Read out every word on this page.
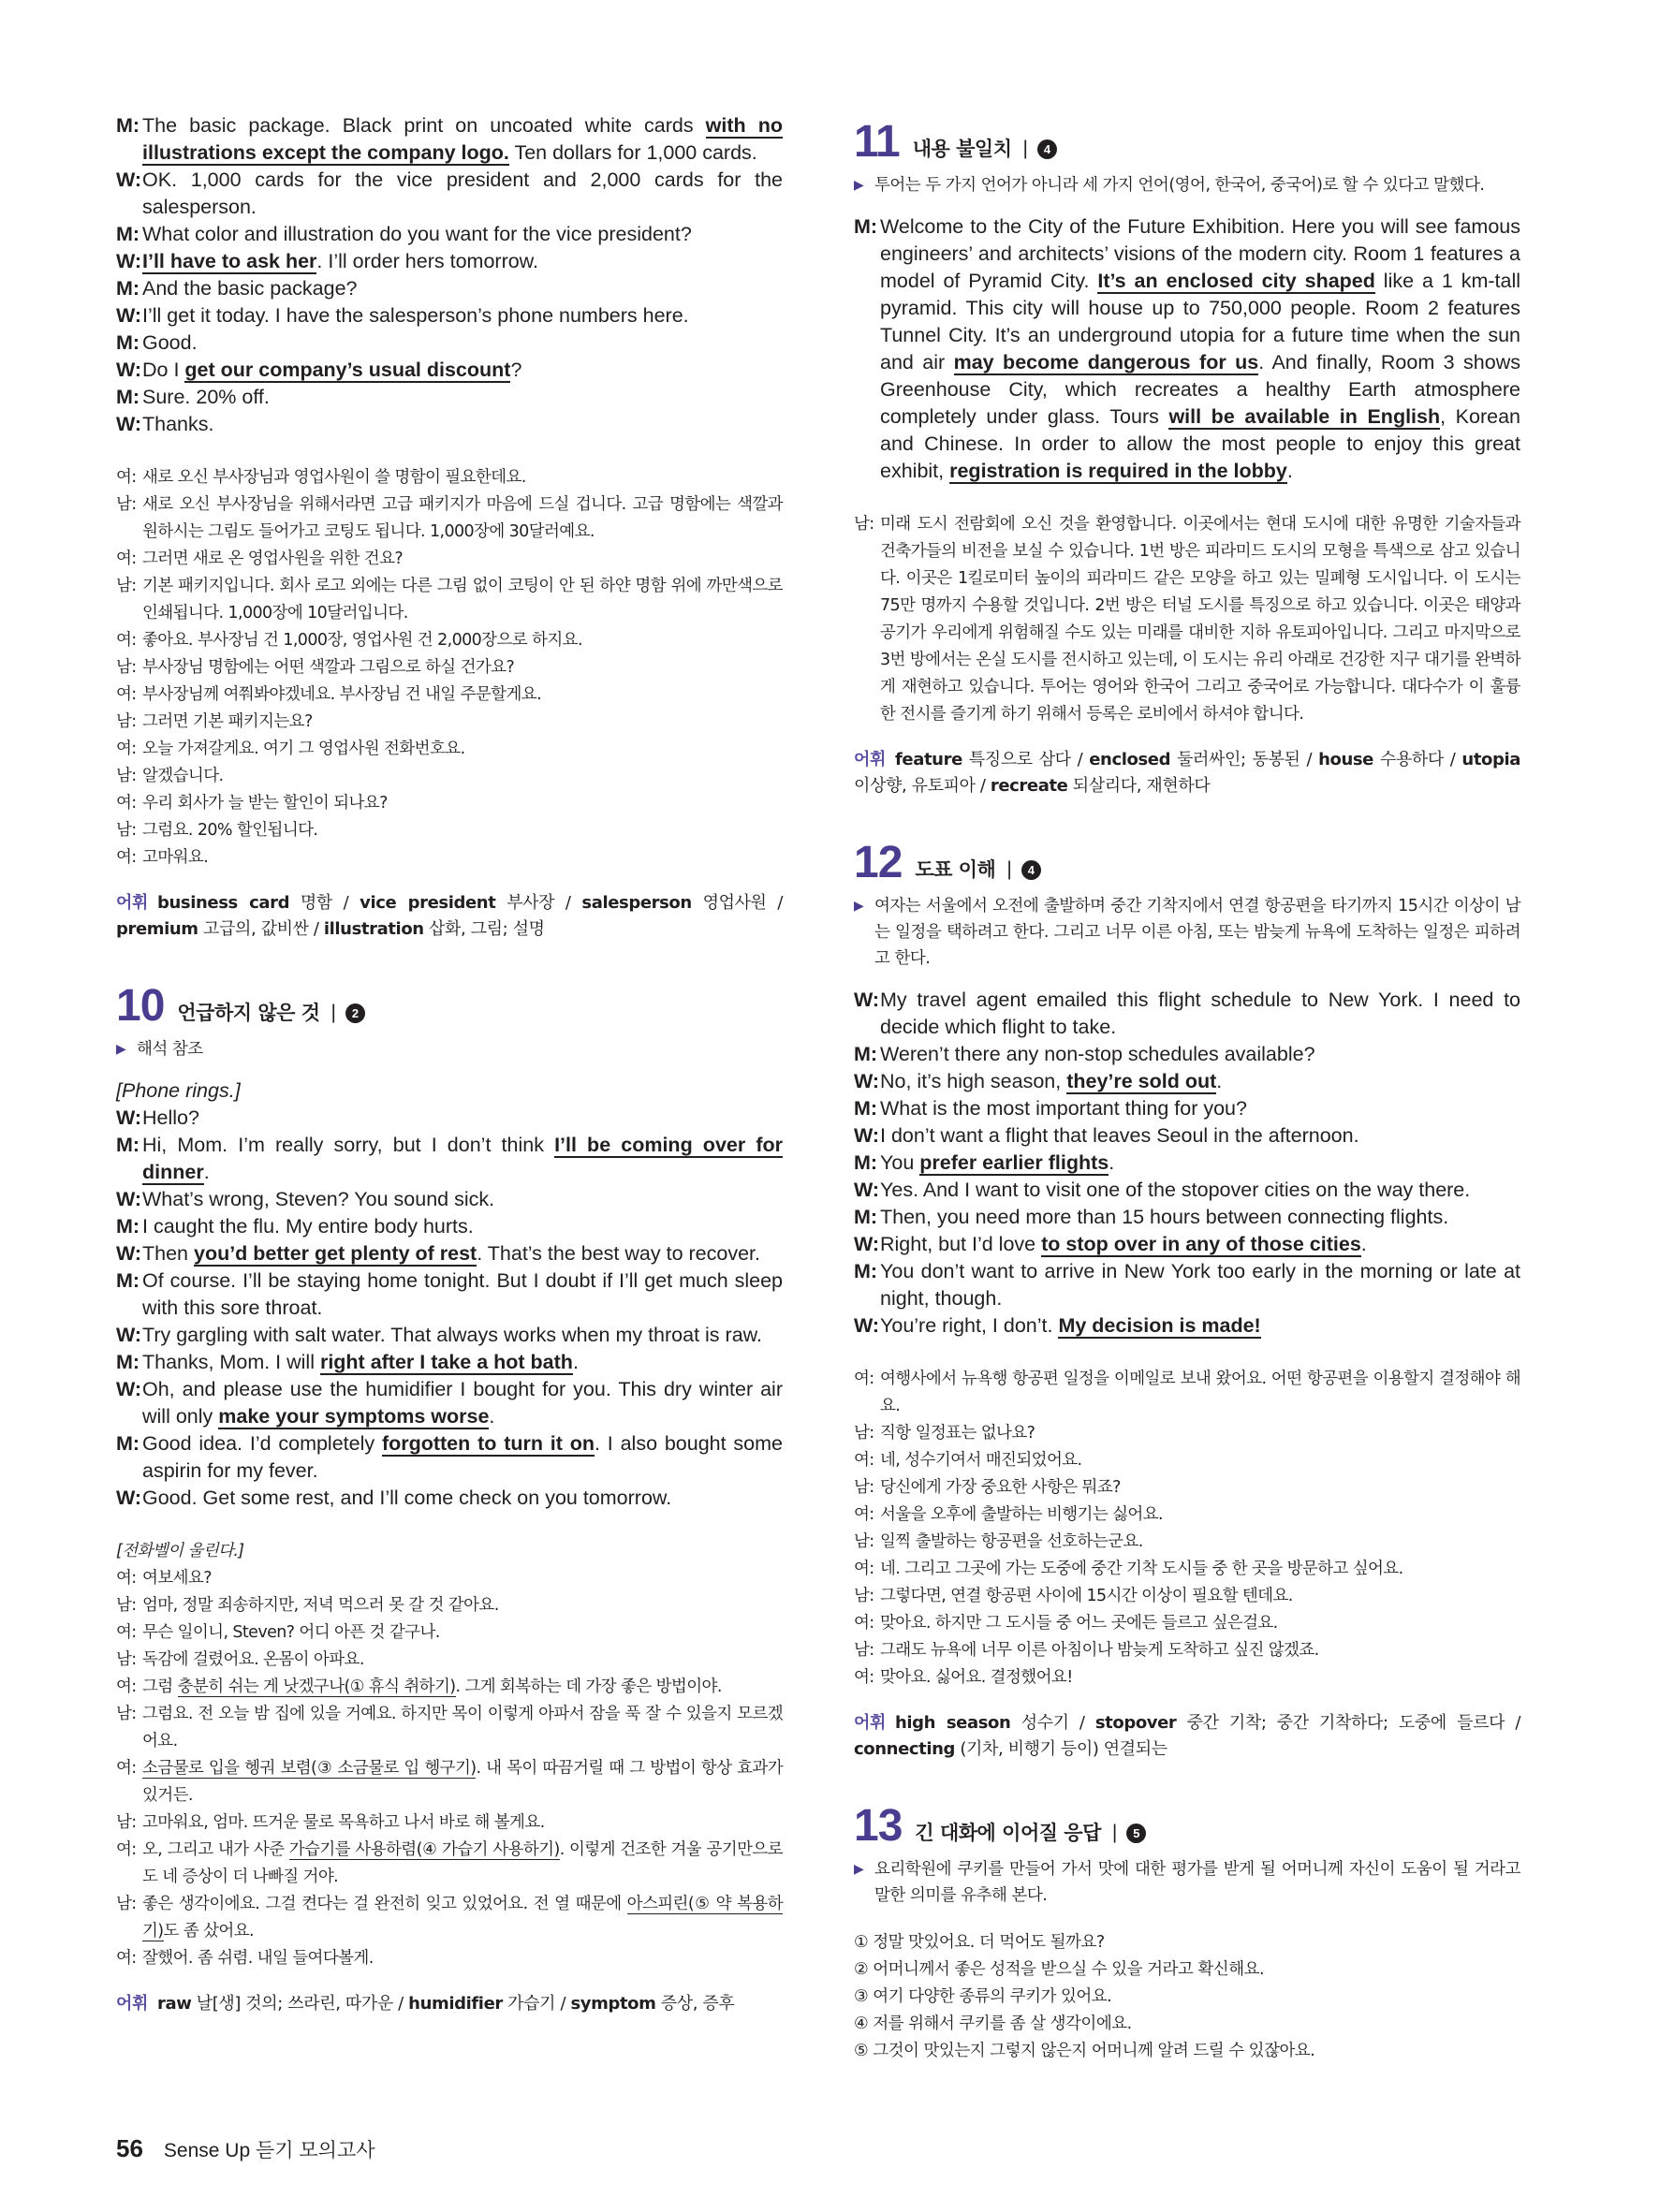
M: The basic package. Black print on uncoated white cards with no illustrations except the company logo. Ten dollars for 1,000 cards.
W: OK. 1,000 cards for the vice president and 2,000 cards for the salesperson.
M: What color and illustration do you want for the vice president?
W: I’ll have to ask her. I’ll order hers tomorrow.
M: And the basic package?
W: I’ll get it today. I have the salesperson’s phone numbers here.
M: Good.
W: Do I get our company’s usual discount?
M: Sure. 20% off.
W: Thanks.
여: 새로 오신 부사장님과 영업사원이 쓸 명함이 필요한데요.
남: 새로 오신 부사장님을 위해서라면 고급 패키지가 마음에 드실 겁니다. 고급 명함에는 색깔과 원하시는 그림도 들어가고 코팅도 됩니다. 1,000장에 30달러예요.
여: 그러면 새로 온 영업사원을 위한 건요?
남: 기본 패키지입니다. 회사 로고 외에는 다른 그림 없이 코팅이 안 된 하얀 명함 위에 까만색으로 인쇄됩니다. 1,000장에 10달러입니다.
여: 좋아요. 부사장님 건 1,000장, 영업사원 건 2,000장으로 하지요.
남: 부사장님 명함에는 어떤 색깔과 그림으로 하실 건가요?
여: 부사장님께 여쭤봐야겠네요. 부사장님 건 내일 주문할게요.
남: 그러면 기본 패키지는요?
여: 오늘 가져갈게요. 여기 그 영업사원 전화번호요.
남: 알겠습니다.
여: 우리 회사가 늘 받는 할인이 되나요?
남: 그럼요. 20% 할인됩니다.
여: 고마워요.
어휘 business card 명함 / vice president 부사장 / salesperson 영업사원 / premium 고급의, 값비싼 / illustration 삽화, 그림; 설명
10 언급하지 않은 것 |	2
▶ 해석 참조
[Phone rings.]
W: Hello?
M: Hi, Mom. I’m really sorry, but I don’t think I’ll be coming over for dinner.
W: What’s wrong, Steven? You sound sick.
M: I caught the flu. My entire body hurts.
W: Then you’d better get plenty of rest. That’s the best way to recover.
M: Of course. I’ll be staying home tonight. But I doubt if I’ll get much sleep with this sore throat.
W: Try gargling with salt water. That always works when my throat is raw.
M: Thanks, Mom. I will right after I take a hot bath.
W: Oh, and please use the humidifier I bought for you. This dry winter air will only make your symptoms worse.
M: Good idea. I’d completely forgotten to turn it on. I also bought some aspirin for my fever.
W: Good. Get some rest, and I’ll come check on you tomorrow.
[전화벨이 울린다.]
여: 여보세요?
남: 엄마, 정말 죄송하지만, 저녁 먹으러 못 갈 것 같아요.
여: 무슨 일이니, Steven? 어디 아픈 것 같구나.
남: 독감에 걸렸어요. 온몸이 아파요.
여: 그럼 충분히 쉬는 게 낫겠구나(① 휴식 취하기). 그게 회복하는 데 가장 좋은 방법이야.
남: 그럼요. 전 오늘 밤 집에 있을 거예요. 하지만 목이 이렇게 아파서 잠을 푹 잘 수 있을지 모르겠어요.
여: 소금물로 입을 헹궈 보렴(③ 소금물로 입 헹구기). 내 목이 따끔거릴 때 그 방법이 항상 효과가 있거든.
남: 고마워요, 엄마. 뜨거운 물로 목욕하고 나서 바로 해 볼게요.
여: 오, 그리고 내가 사준 가습기를 사용하렴(④ 가습기 사용하기). 이렇게 건조한 겨울 공기만으로도 네 증상이 더 나빠질 거야.
남: 좋은 생각이에요. 그걸 켠다는 걸 완전히 잊고 있었어요. 전 열 때문에 아스피린(⑤ 약 복용하기)도 좀 샀어요.
여: 잘했어. 좀 쉬렴. 내일 들여다볼게.
어휘 raw 날[생] 것의; 쓰라린, 따가운 / humidifier 가습기 / symptom 증상, 증후
11 내용 불일치 |	4
▶ 투어는 두 가지 언어가 아니라 세 가지 언어(영어, 한국어, 중국어)로 할 수 있다고 말했다.
M: Welcome to the City of the Future Exhibition. Here you will see famous engineers’ and architects’ visions of the modern city. Room 1 features a model of Pyramid City. It’s an enclosed city shaped like a 1 km-tall pyramid. This city will house up to 750,000 people. Room 2 features Tunnel City. It’s an underground utopia for a future time when the sun and air may become dangerous for us. And finally, Room 3 shows Greenhouse City, which recreates a healthy Earth atmosphere completely under glass. Tours will be available in English, Korean and Chinese. In order to allow the most people to enjoy this great exhibit, registration is required in the lobby.
남: 미래 도시 전람회에 오신 것을 환영합니다. 이곳에서는 현대 도시에 대한 유명한 기술자들과 건축가들의 비전을 보실 수 있습니다. 1번 방은 피라미드 도시의 모형을 특색으로 삼고 있습니다. 이곳은 1킬로미터 높이의 피라미드 같은 모양을 하고 있는 밀폐형 도시입니다. 이 도시는 75만 명까지 수용할 것입니다. 2번 방은 터널 도시를 특징으로 하고 있습니다. 이곳은 태양과 공기가 우리에게 위험해질 수도 있는 미래를 대비한 지하 유토피아입니다. 그리고 마지막으로 3번 방에서는 온실 도시를 전시하고 있는데, 이 도시는 유리 아래로 건강한 지구 대기를 완벽하게 재현하고 있습니다. 투어는 영어와 한국어 그리고 중국어로 가능합니다. 대다수가 이 훌륭한 전시를 즐기게 하기 위해서 등록은 로비에서 하셔야 합니다.
어휘 feature 특징으로 삼다 / enclosed 둘러싸인; 동봉된 / house 수용하다 / utopia 이상향, 유토피아 / recreate 되살리다, 재현하다
12 도표 이해 |	4
▶ 여자는 서울에서 오전에 출발하며 중간 기착지에서 연결 항공편을 타기까지 15시간 이상이 남는 일정을 택하려고 한다. 그리고 너무 이른 아침, 또는 밤늦게 뉴욕에 도착하는 일정은 피하려고 한다.
W: My travel agent emailed this flight schedule to New York. I need to decide which flight to take.
M: Weren’t there any non-stop schedules available?
W: No, it’s high season, they’re sold out.
M: What is the most important thing for you?
W: I don’t want a flight that leaves Seoul in the afternoon.
M: You prefer earlier flights.
W: Yes. And I want to visit one of the stopover cities on the way there.
M: Then, you need more than 15 hours between connecting flights.
W: Right, but I’d love to stop over in any of those cities.
M: You don’t want to arrive in New York too early in the morning or late at night, though.
W: You’re right, I don’t. My decision is made!
여: 여행사에서 뉴욕행 항공편 일정을 이메일로 보내 왔어요. 어떤 항공편을 이용할지 결정해야 해요.
남: 직항 일정표는 없나요?
여: 네, 성수기여서 매진되었어요.
남: 당신에게 가장 중요한 사항은 뭐죠?
여: 서울을 오후에 출발하는 비행기는 싫어요.
남: 일찍 출발하는 항공편을 선호하는군요.
여: 네. 그리고 그곳에 가는 도중에 중간 기착 도시들 중 한 곳을 방문하고 싶어요.
남: 그렇다면, 연결 항공편 사이에 15시간 이상이 필요할 텐데요.
여: 맞아요. 하지만 그 도시들 중 어느 곳에든 들르고 싶은걸요.
남: 그래도 뉴욕에 너무 이른 아침이나 밤늦게 도착하고 싶진 않겠죠.
여: 맞아요. 싫어요. 결정했어요!
어휘 high season 성수기 / stopover 중간 기착; 중간 기착하다; 도중에 들르다 / connecting (기차, 비행기 등이) 연결되는
13 긴 대화에 이어질 응답 |	5
▶ 요리학원에 쿠키를 만들어 가서 맛에 대한 평가를 받게 될 어머니께 자신이 도움이 될 거라고 말한 의미를 유추해 본다.
① 정말 맛있어요. 더 먹어도 될까요?
② 어머니께서 좋은 성적을 받으실 수 있을 거라고 확신해요.
③ 여기 다양한 종류의 쿠키가 있어요.
④ 저를 위해서 쿠키를 좀 살 생각이에요.
⑤ 그것이 맛있는지 그렇지 않은지 어머니께 알려 드릴 수 있잖아요.
56 Sense Up 듣기 모의고사
